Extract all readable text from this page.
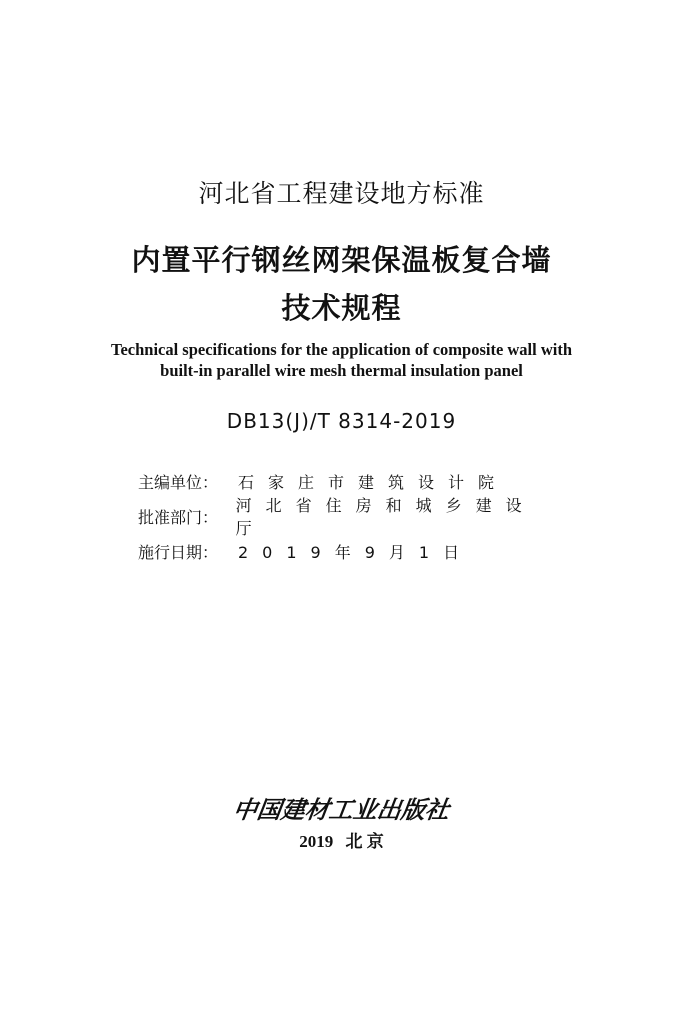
河北省工程建设地方标准
内置平行钢丝网架保温板复合墙
技术规程
Technical specifications for the application of composite wall with
built-in parallel wire mesh thermal insulation panel
DB13(J)/T 8314-2019
主编单位：	石家庄市建筑设计院
批准部门：
河北省住房和城乡建设厅
施行日期：	2019年9月1日
中国建材工业出版社
2019 北 京
